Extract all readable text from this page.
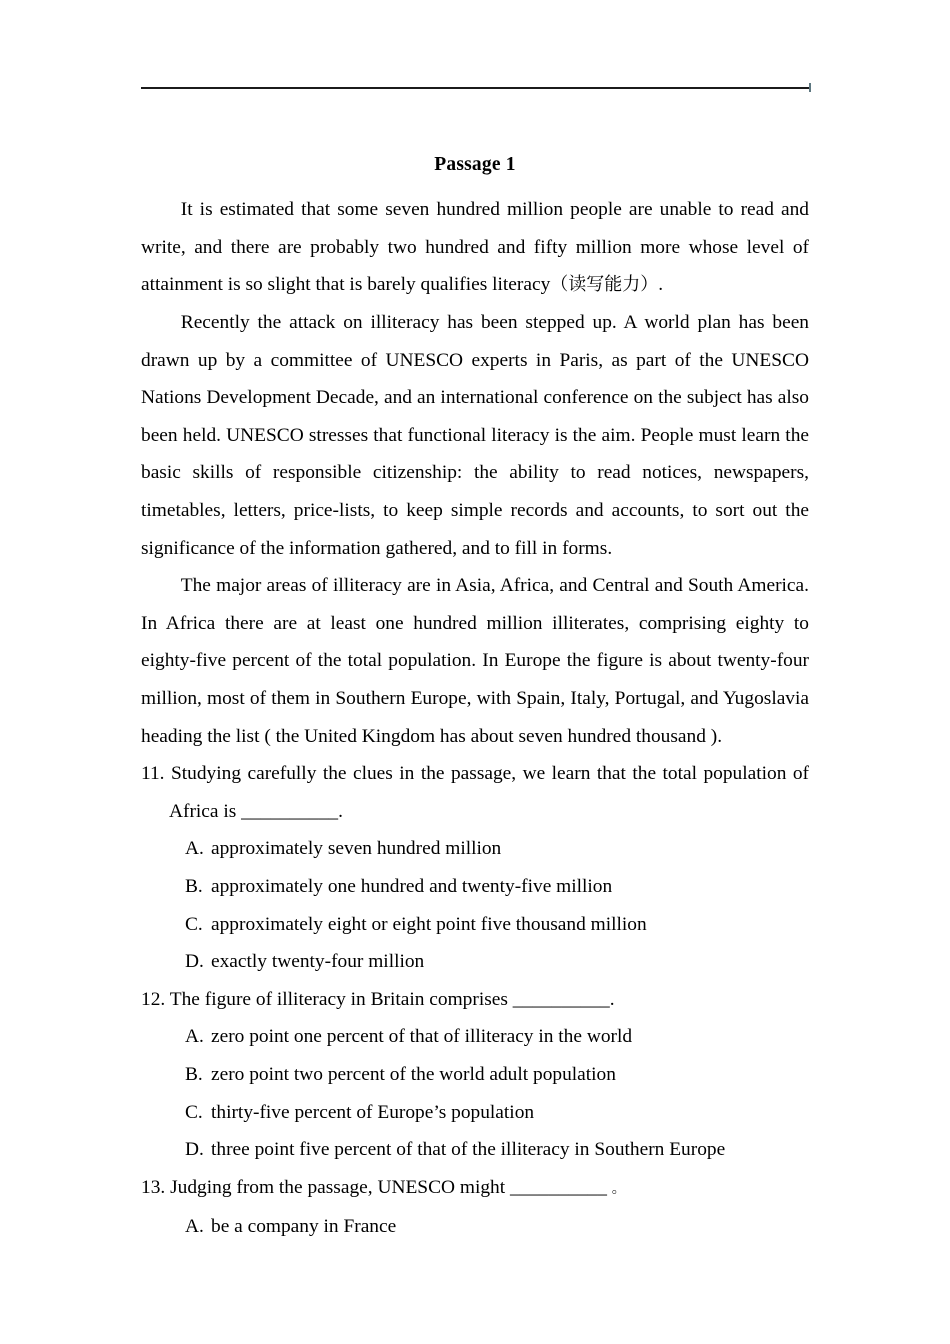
Passage 1

It is estimated that some seven hundred million people are unable to read and write, and there are probably two hundred and fifty million more whose level of attainment is so slight that is barely qualifies literacy（读写能力）.

Recently the attack on illiteracy has been stepped up. A world plan has been drawn up by a committee of UNESCO experts in Paris, as part of the UNESCO Nations Development Decade, and an international conference on the subject has also been held. UNESCO stresses that functional literacy is the aim. People must learn the basic skills of responsible citizenship: the ability to read notices, newspapers, timetables, letters, price-lists, to keep simple records and accounts, to sort out the significance of the information gathered, and to fill in forms.

The major areas of illiteracy are in Asia, Africa, and Central and South America. In Africa there are at least one hundred million illiterates, comprising eighty to eighty-five percent of the total population. In Europe the figure is about twenty-four million, most of them in Southern Europe, with Spain, Italy, Portugal, and Yugoslavia heading the list ( the United Kingdom has about seven hundred thousand ).

11. Studying carefully the clues in the passage, we learn that the total population of Africa is __________.

A. approximately seven hundred million

B. approximately one hundred and twenty-five million

C. approximately eight or eight point five thousand million

D. exactly twenty-four million

12. The figure of illiteracy in Britain comprises __________.

A. zero point one percent of that of illiteracy in the world

B. zero point two percent of the world adult population

C. thirty-five percent of Europe’s population

D. three point five percent of that of the illiteracy in Southern Europe

13. Judging from the passage, UNESCO might __________ 。

A. be a company in France
